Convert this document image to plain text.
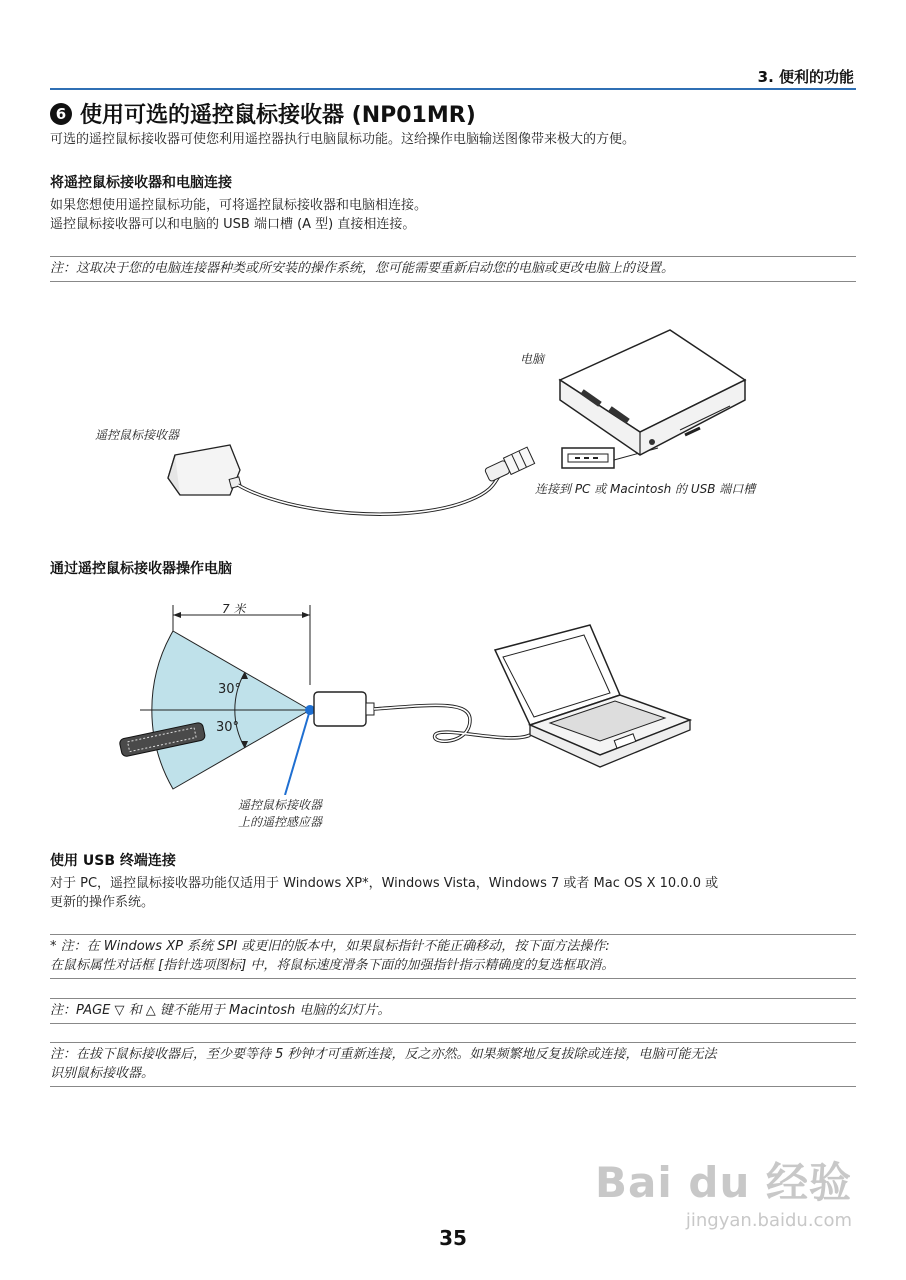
3. 便利的功能
6 使用可选的遥控鼠标接收器 (NP01MR)
可选的遥控鼠标接收器可使您利用遥控器执行电脑鼠标功能。这给操作电脑输送图像带来极大的方便。
将遥控鼠标接收器和电脑连接
如果您想使用遥控鼠标功能，可将遥控鼠标接收器和电脑相连接。
遥控鼠标接收器可以和电脑的 USB 端口槽 (A 型) 直接相连接。
注：这取决于您的电脑连接器种类或所安装的操作系统，您可能需要重新启动您的电脑或更改电脑上的设置。
电脑
遥控鼠标接收器
连接到 PC 或 Macintosh 的 USB 端口槽
通过遥控鼠标接收器操作电脑
7 米
30°
30°
遥控鼠标接收器
上的遥控感应器
使用 USB 终端连接
对于 PC，遥控鼠标接收器功能仅适用于 Windows XP*，Windows Vista，Windows 7 或者 Mac OS X 10.0.0 或
更新的操作系统。
* 注：在 Windows XP 系统 SPI 或更旧的版本中，如果鼠标指针不能正确移动，按下面方法操作:
在鼠标属性对话框 [指针选项图标] 中，将鼠标速度滑条下面的加强指针指示精确度的复选框取消。
注：PAGE ▽ 和 △ 键不能用于 Macintosh 电脑的幻灯片。
注：在拔下鼠标接收器后，至少要等待 5 秒钟才可重新连接，反之亦然。如果频繁地反复拔除或连接，电脑可能无法
识别鼠标接收器。
Bai du 经验
jingyan.baidu.com
35
